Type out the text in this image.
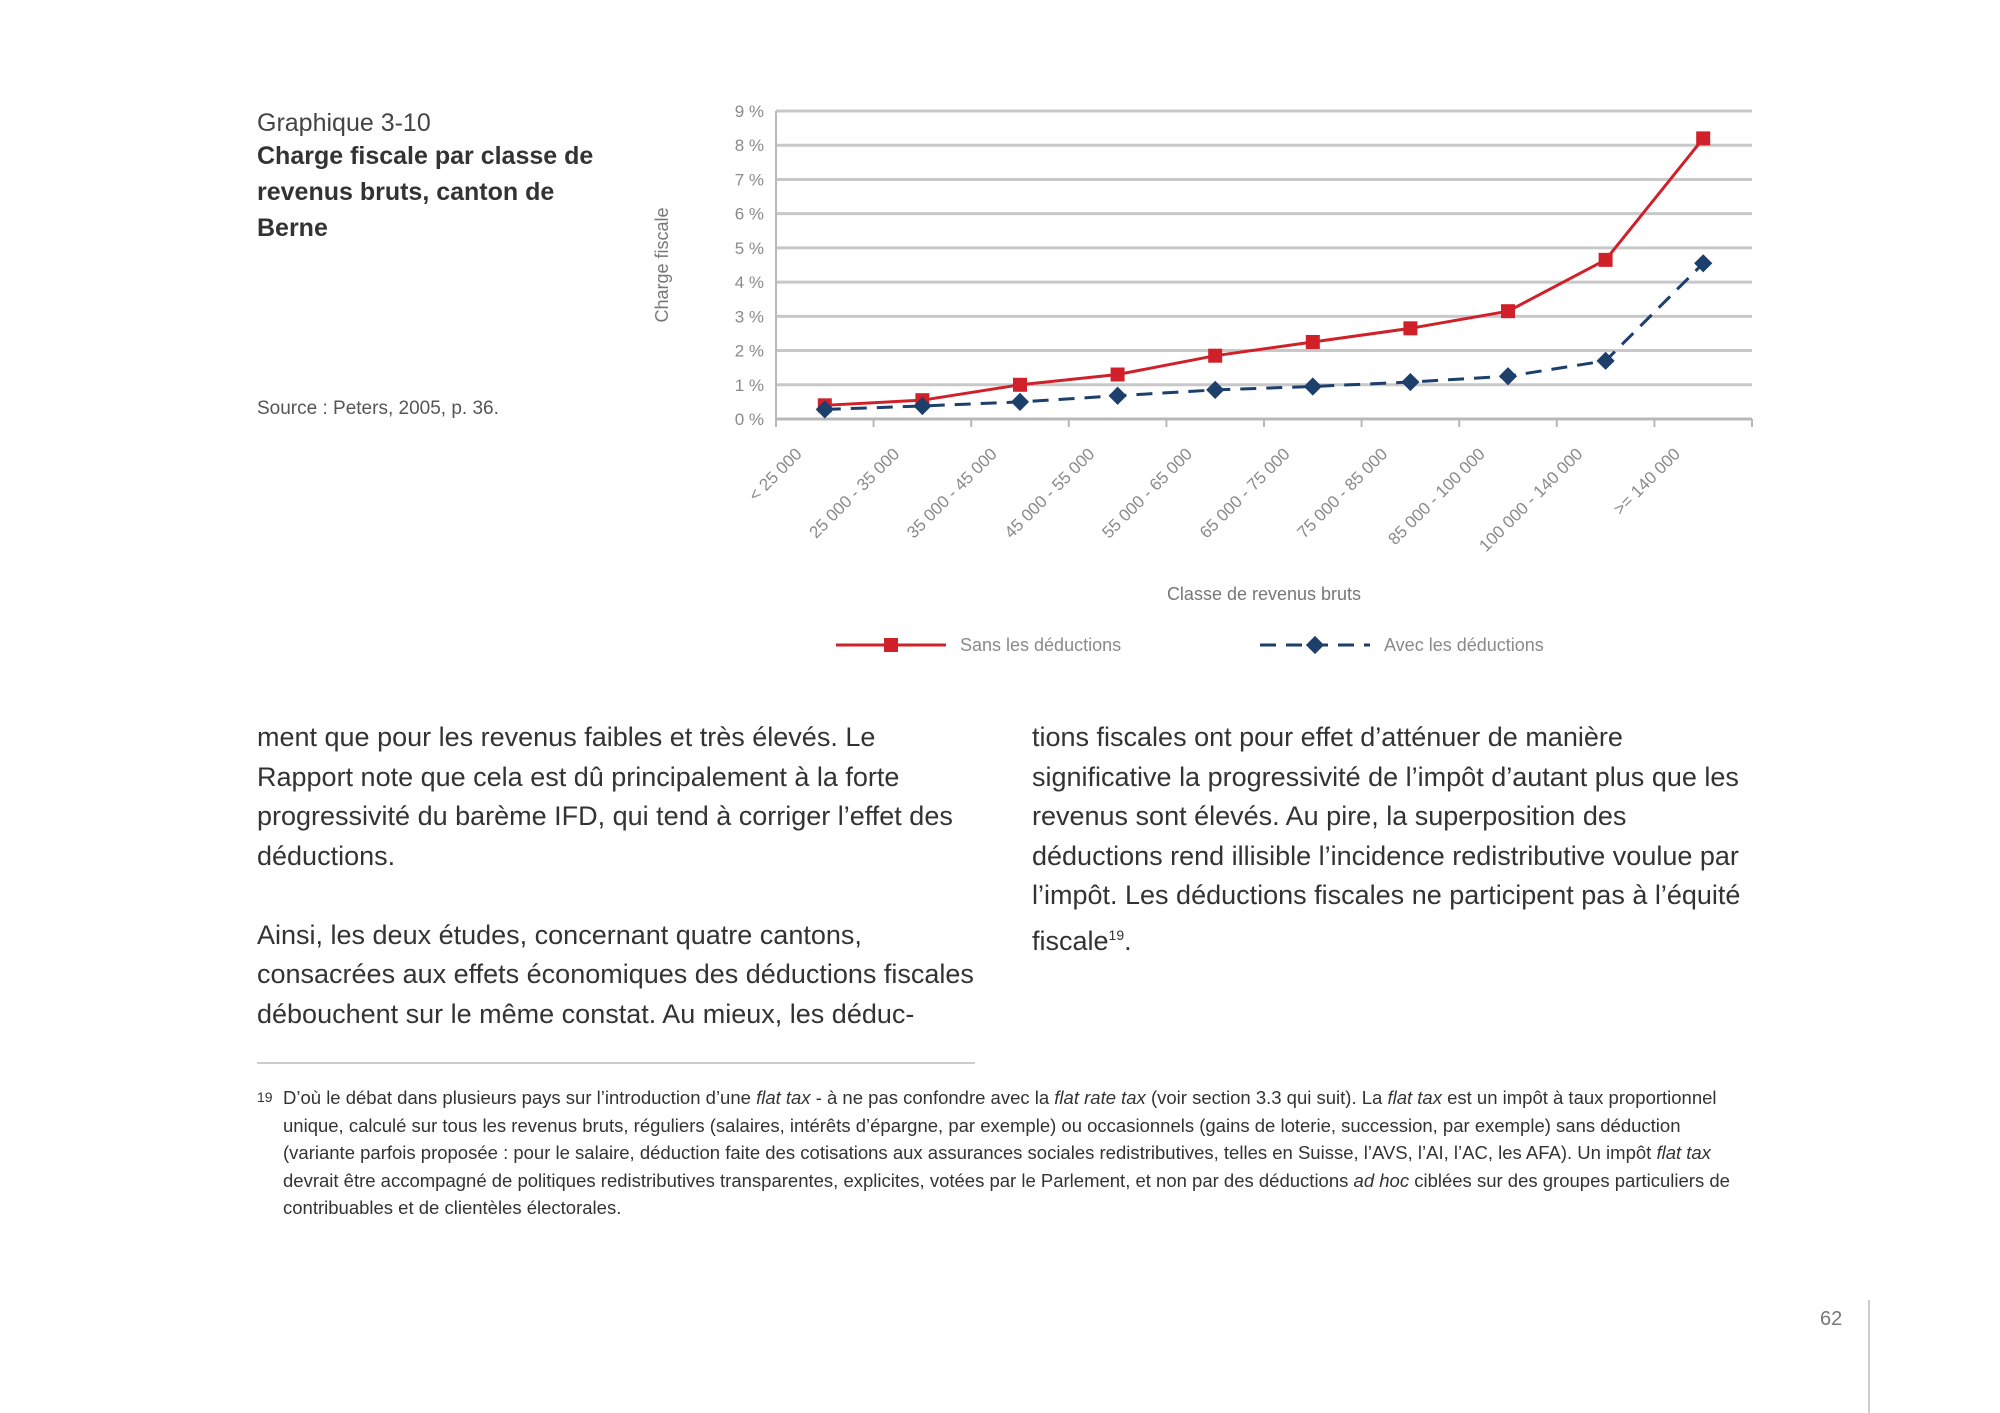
Graphique 3-10
Charge fiscale par classe de revenus bruts, canton de Berne
Source : Peters, 2005, p. 36.
0 %
1 %
2 %
3 %
4 %
5 %
6 %
7 %
8 %
9 %
< 25 000 25 000 - 35 000 35 000 - 45 000 45 000 - 55 000 55 000 - 65 000 65 000 - 75 000 75 000 - 85 000
85 000 - 100 000
100 000 - 140 000 >= 140 000
Classe de revenus bruts
Charge fiscale
Sans les déductions	Avec les déductions

ment que pour les revenus faibles et très élevés. Le Rapport note que cela est dû principalement à la forte progressivité du barème IFD, qui tend à corriger l’effet des déductions.

Ainsi, les deux études, concernant quatre cantons, consacrées aux effets économiques des déductions fiscales débouchent sur le même constat. Au mieux, les déduc-

tions fiscales ont pour effet d’atténuer de manière significative la progressivité de l’impôt d’autant plus que les revenus sont élevés. Au pire, la superposition des déductions rend illisible l’incidence redistributive voulue par l’impôt. Les déductions fiscales ne participent pas à l’équité fiscale$^{19}$.

19 D’où le débat dans plusieurs pays sur l’introduction d’une flat tax - à ne pas confondre avec la flat rate tax (voir section 3.3 qui suit). La flat tax est un impôt à taux proportionnel unique, calculé sur tous les revenus bruts, réguliers (salaires, intérêts d’épargne, par exemple) ou occasionnels (gains de loterie, succession, par exemple) sans déduction (variante parfois proposée : pour le salaire, déduction faite des cotisations aux assurances sociales redistributives, telles en Suisse, l’AVS, l’AI, l’AC, les AFA). Un impôt flat tax devrait être accompagné de politiques redistributives transparentes, explicites, votées par le Parlement, et non par des déductions ad hoc ciblées sur des groupes particuliers de contribuables et de clientèles électorales.
62
